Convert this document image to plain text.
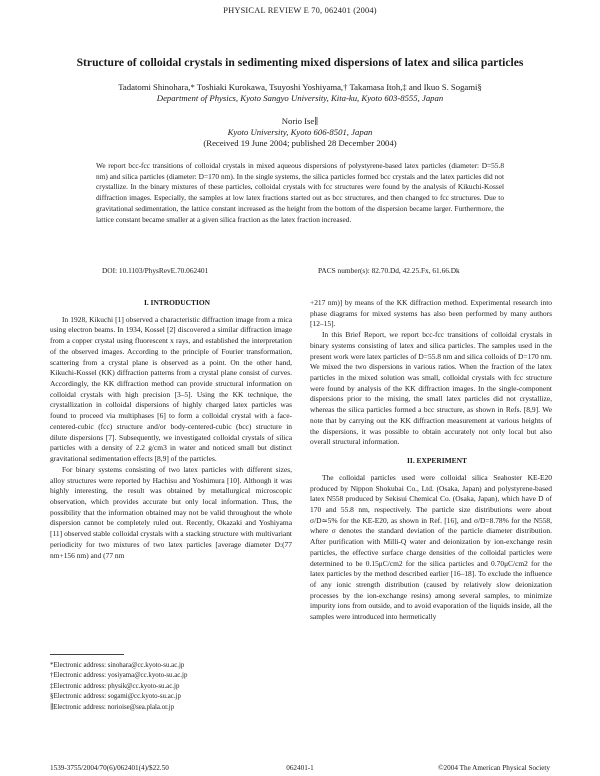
PHYSICAL REVIEW E 70, 062401 (2004)
Structure of colloidal crystals in sedimenting mixed dispersions of latex and silica particles
Tadatomi Shinohara,* Toshiaki Kurokawa, Tsuyoshi Yoshiyama,† Takamasa Itoh,‡ and Ikuo S. Sogami§
Department of Physics, Kyoto Sangyo University, Kita-ku, Kyoto 603-8555, Japan
Norio Ise∥
Kyoto University, Kyoto 606-8501, Japan
(Received 19 June 2004; published 28 December 2004)
We report bcc-fcc transitions of colloidal crystals in mixed aqueous dispersions of polystyrene-based latex particles (diameter: D=55.8 nm) and silica particles (diameter: D=170 nm). In the single systems, the silica particles formed bcc crystals and the latex particles did not crystallize. In the binary mixtures of these particles, colloidal crystals with fcc structures were found by the analysis of Kikuchi-Kossel diffraction images. Especially, the samples at low latex fractions started out as bcc structures, and then changed to fcc structures. Due to gravitational sedimentation, the lattice constant increased as the height from the bottom of the dispersion became larger. Furthermore, the lattice constant became smaller at a given silica fraction as the latex fraction increased.
DOI: 10.1103/PhysRevE.70.062401	PACS number(s): 82.70.Dd, 42.25.Fx, 61.66.Dk

I. INTRODUCTION

In 1928, Kikuchi [1] observed a characteristic diffraction image from a mica using electron beams. In 1934, Kossel [2] discovered a similar diffraction image from a copper crystal using fluorescent x rays, and established the interpretation of the observed images. According to the principle of Fourier transformation, scattering from a crystal plane is observed as a point. On the other hand, Kikuchi-Kossel (KK) diffraction patterns from a crystal plane consist of curves. Accordingly, the KK diffraction method can provide structural information on colloidal crystals with high precision [3–5]. Using the KK technique, the crystallization in colloidal dispersions of highly charged latex particles was found to proceed via multiphases [6] to form a colloidal crystal with a face-centered-cubic (fcc) structure and/or body-centered-cubic (bcc) structure in dilute dispersions [7]. Subsequently, we investigated colloidal crystals of silica particles with a density of 2.2 g/cm3 in water and noticed small but distinct gravitational sedimentation effects [8,9] of the particles.

For binary systems consisting of two latex particles with different sizes, alloy structures were reported by Hachisu and Yoshimura [10]. Although it was highly interesting, the result was obtained by metallurgical microscopic observation, which provides accurate but only local information. Thus, the possibility that the information obtained may not be valid throughout the whole dispersion cannot be completely ruled out. Recently, Okazaki and Yoshiyama [11] observed stable colloidal crystals with a stacking structure with multivariant periodicity for two mixtures of two latex particles [average diameter D:(77 nm+156 nm) and (77 nm

*Electronic address: sinohara@cc.kyoto-su.ac.jp
†Electronic address: yosiyama@cc.kyoto-su.ac.jp
‡Electronic address: physik@cc.kyoto-su.ac.jp
§Electronic address: sogami@cc.kyoto-su.ac.jp
∥Electronic address: norioise@sea.plala.or.jp

+217 nm)] by means of the KK diffraction method. Experimental research into phase diagrams for mixed systems has also been performed by many authors [12–15].

In this Brief Report, we report bcc-fcc transitions of colloidal crystals in binary systems consisting of latex and silica particles. The samples used in the present work were latex particles of D=55.8 nm and silica colloids of D=170 nm. We mixed the two dispersions in various ratios. When the fraction of the latex particles in the mixed solution was small, colloidal crystals with fcc structure were found by analysis of the KK diffraction images. In the single-component dispersions prior to the mixing, the small latex particles did not crystallize, whereas the silica particles formed a bcc structure, as shown in Refs. [8,9]. We note that by carrying out the KK diffraction measurement at various heights of the dispersions, it was possible to obtain accurately not only local but also overall structural information.

II. EXPERIMENT

The colloidal particles used were colloidal silica Seahoster KE-E20 produced by Nippon Shokubai Co., Ltd. (Osaka, Japan) and polystyrene-based latex N558 produced by Sekisui Chemical Co. (Osaka, Japan), which have D of 170 and 55.8 nm, respectively. The particle size distributions were about σ/D≃5% for the KE-E20, as shown in Ref. [16], and σ/D=8.78% for the N558, where σ denotes the standard deviation of the particle diameter distribution. After purification with Milli-Q water and deionization by ion-exchange resin particles, the effective surface charge densities of the colloidal particles were determined to be 0.15μC/cm2 for the silica particles and 0.70μC/cm2 for the latex particles by the method described earlier [16–18]. To exclude the influence of any ionic strength distribution (caused by relatively slow deionization processes by the ion-exchange resins) among several samples, to minimize impurity ions from outside, and to avoid evaporation of the liquids inside, all the samples were introduced into hermetically

1539-3755/2004/70(6)/062401(4)/$22.50	062401-1	©2004 The American Physical Society
